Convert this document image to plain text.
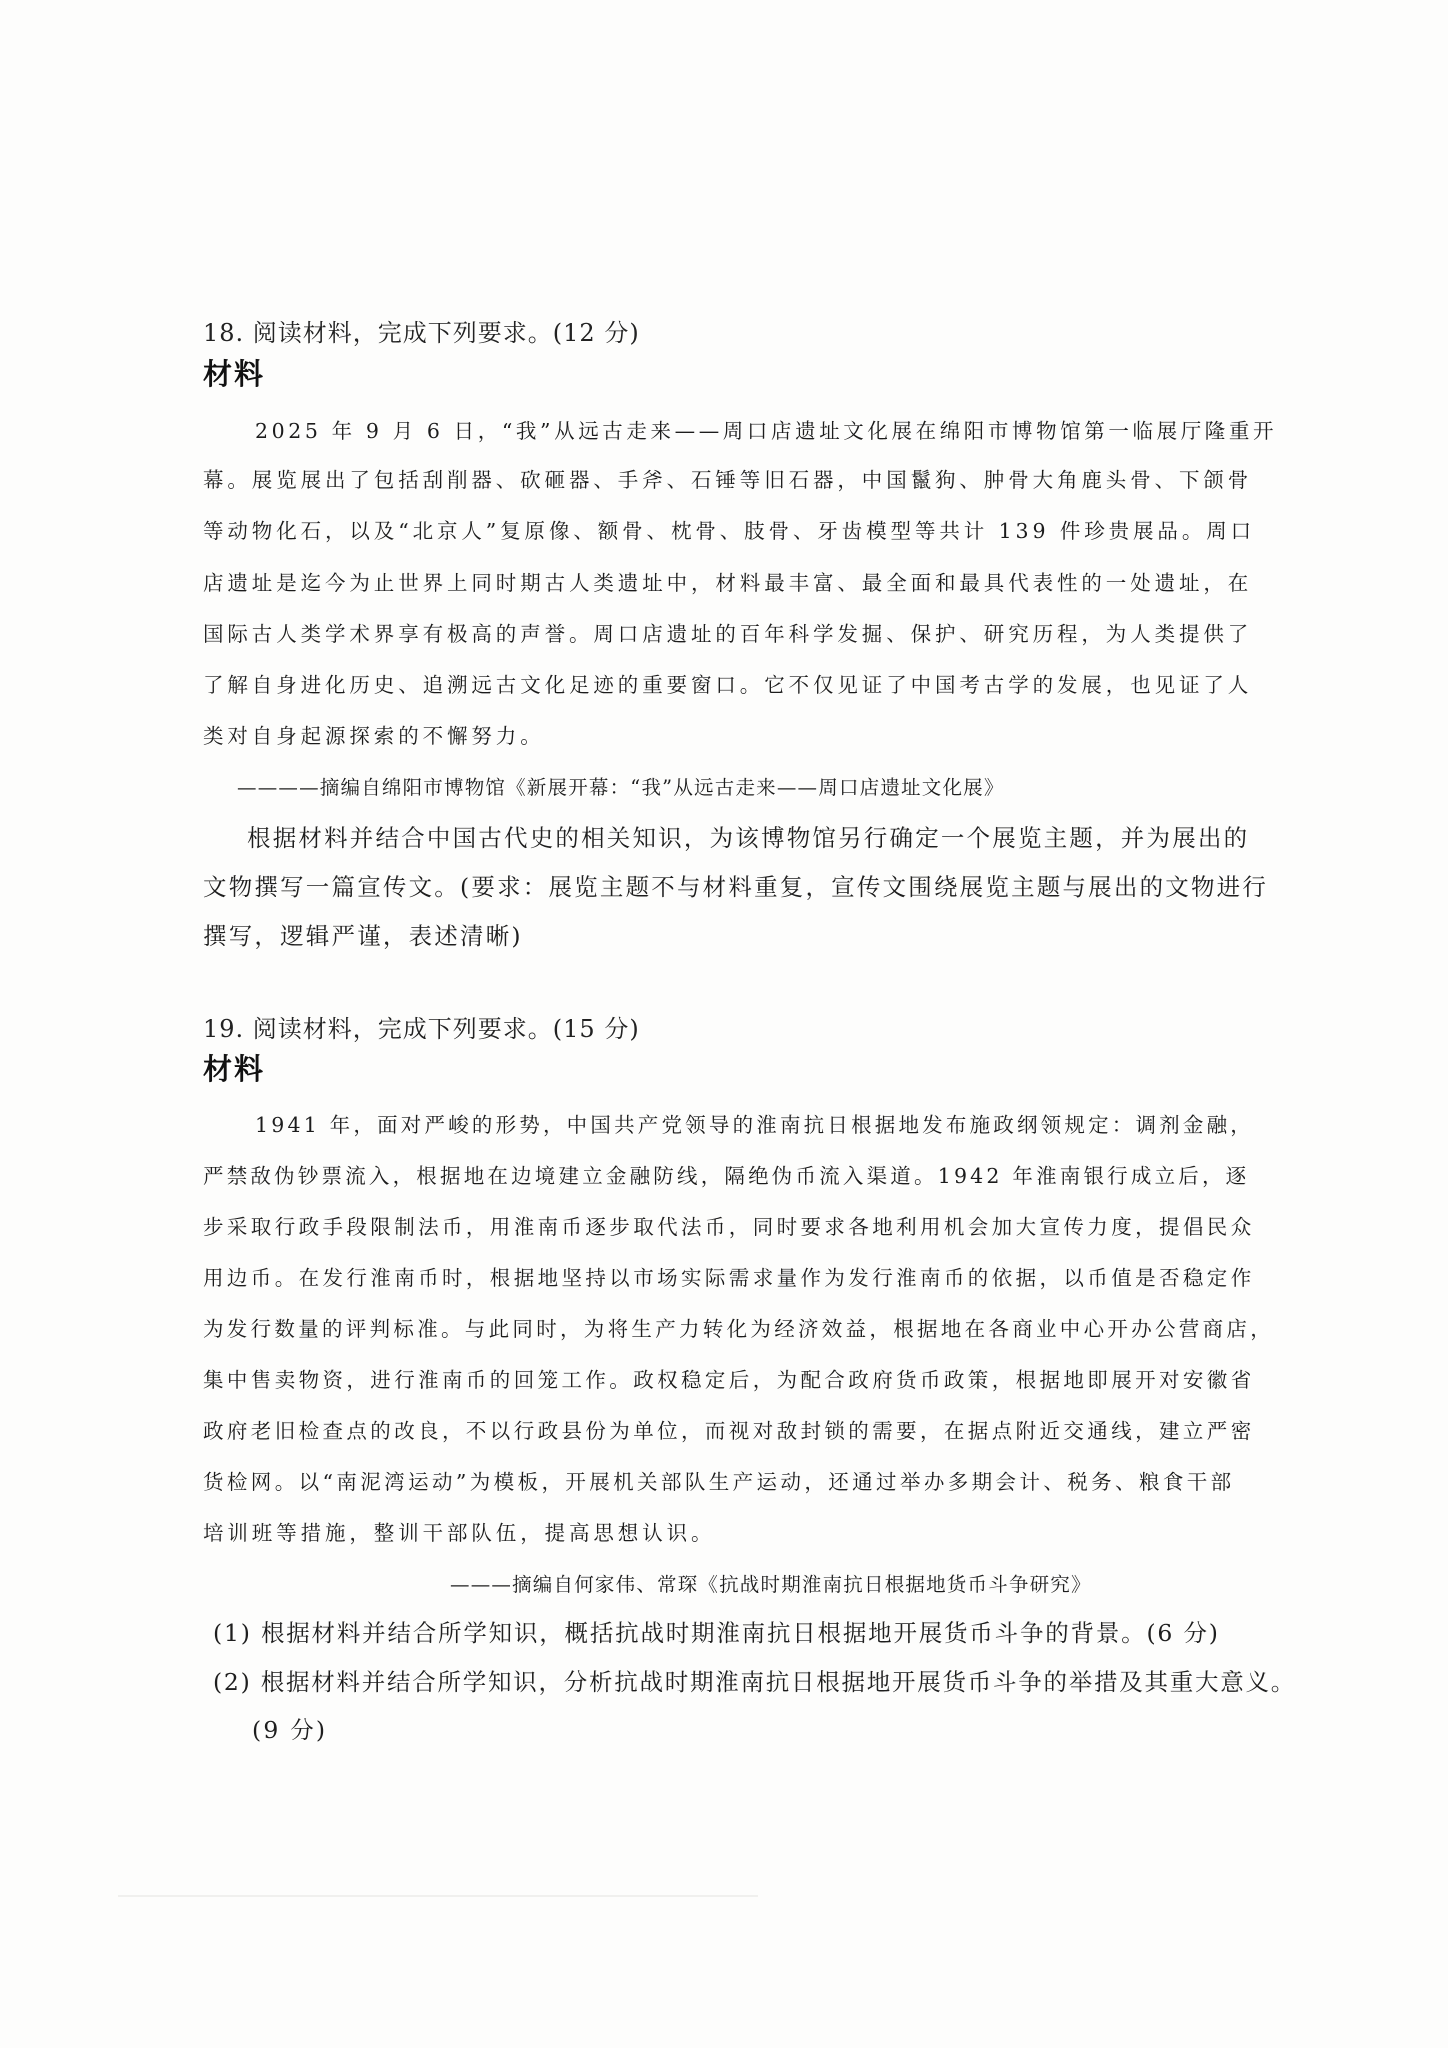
18. 阅读材料，完成下列要求。(12 分)
材料
2025 年 9 月 6 日，“我”从远古走来——周口店遗址文化展在绵阳市博物馆第一临展厅隆重开
幕。展览展出了包括刮削器、砍砸器、手斧、石锤等旧石器，中国鬣狗、肿骨大角鹿头骨、下颌骨
等动物化石，以及“北京人”复原像、额骨、枕骨、肢骨、牙齿模型等共计 139 件珍贵展品。周口
店遗址是迄今为止世界上同时期古人类遗址中，材料最丰富、最全面和最具代表性的一处遗址，在
国际古人类学术界享有极高的声誉。周口店遗址的百年科学发掘、保护、研究历程，为人类提供了
了解自身进化历史、追溯远古文化足迹的重要窗口。它不仅见证了中国考古学的发展，也见证了人
类对自身起源探索的不懈努力。
————摘编自绵阳市博物馆《新展开幕：“我”从远古走来——周口店遗址文化展》
根据材料并结合中国古代史的相关知识，为该博物馆另行确定一个展览主题，并为展出的
文物撰写一篇宣传文。(要求：展览主题不与材料重复，宣传文围绕展览主题与展出的文物进行
撰写，逻辑严谨，表述清晰)
19. 阅读材料，完成下列要求。(15 分)
材料
1941 年，面对严峻的形势，中国共产党领导的淮南抗日根据地发布施政纲领规定：调剂金融，
严禁敌伪钞票流入，根据地在边境建立金融防线，隔绝伪币流入渠道。1942 年淮南银行成立后，逐
步采取行政手段限制法币，用淮南币逐步取代法币，同时要求各地利用机会加大宣传力度，提倡民众
用边币。在发行淮南币时，根据地坚持以市场实际需求量作为发行淮南币的依据，以币值是否稳定作
为发行数量的评判标准。与此同时，为将生产力转化为经济效益，根据地在各商业中心开办公营商店，
集中售卖物资，进行淮南币的回笼工作。政权稳定后，为配合政府货币政策，根据地即展开对安徽省
政府老旧检查点的改良，不以行政县份为单位，而视对敌封锁的需要，在据点附近交通线，建立严密
货检网。以“南泥湾运动”为模板，开展机关部队生产运动，还通过举办多期会计、税务、粮食干部
培训班等措施，整训干部队伍，提高思想认识。
———摘编自何家伟、常琛《抗战时期淮南抗日根据地货币斗争研究》
(1) 根据材料并结合所学知识，概括抗战时期淮南抗日根据地开展货币斗争的背景。(6 分)
(2) 根据材料并结合所学知识，分析抗战时期淮南抗日根据地开展货币斗争的举措及其重大意义。
(9 分)
